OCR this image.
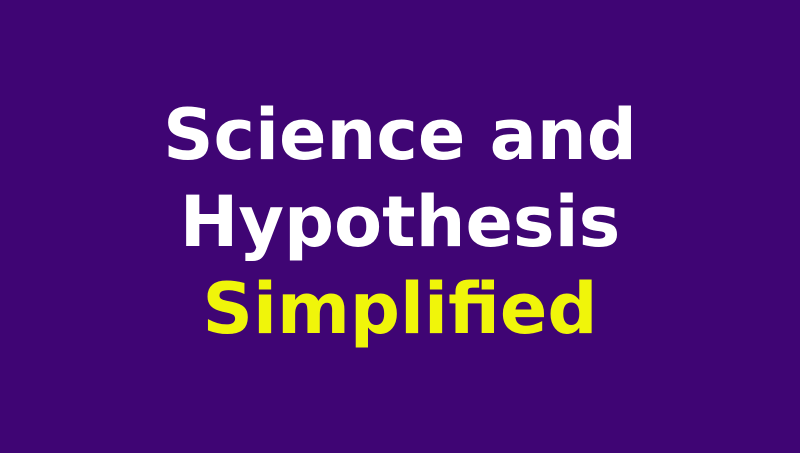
Science and
Hypothesis
Simplified
